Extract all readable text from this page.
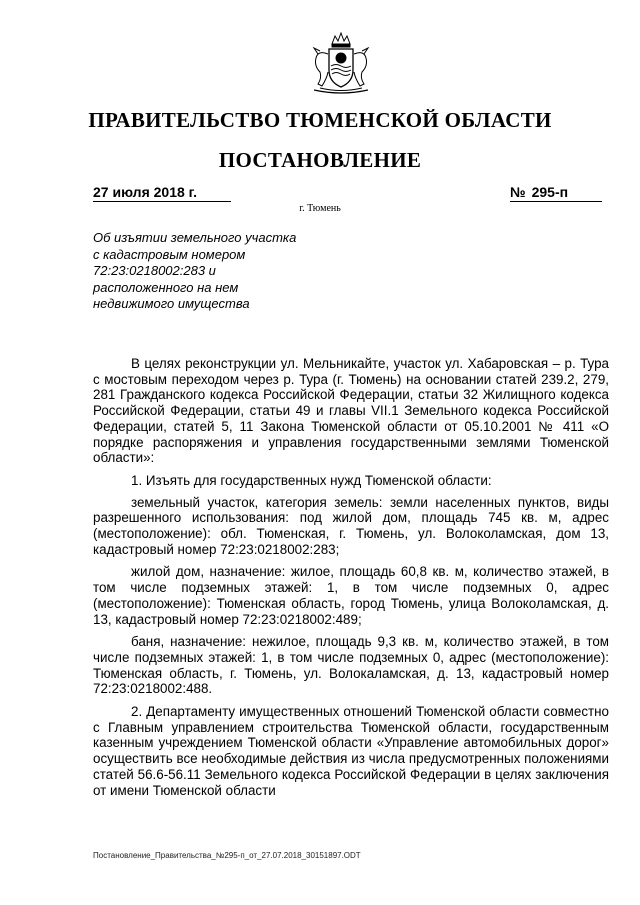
ПРАВИТЕЛЬСТВО ТЮМЕНСКОЙ ОБЛАСТИ
ПОСТАНОВЛЕНИЕ
27 июля 2018 г.	№ 295-п
г. Тюмень
Об изъятии земельного участка
с кадастровым номером
72:23:0218002:283 и
расположенного на нем
недвижимого имущества

В целях реконструкции ул. Мельникайте, участок ул. Хабаровская – р. Тура с мостовым переходом через р. Тура (г. Тюмень) на основании статей 239.2, 279, 281 Гражданского кодекса Российской Федерации, статьи 32 Жилищного кодекса Российской Федерации, статьи 49 и главы VII.1 Земельного кодекса Российской Федерации, статей 5, 11 Закона Тюменской области от 05.10.2001 № 411 «О порядке распоряжения и управления государственными землями Тюменской области»:

1. Изъять для государственных нужд Тюменской области:

земельный участок, категория земель: земли населенных пунктов, виды разрешенного использования: под жилой дом, площадь 745 кв. м, адрес (местоположение): обл. Тюменская, г. Тюмень, ул. Волоколамская, дом 13, кадастровый номер 72:23:0218002:283;

жилой дом, назначение: жилое, площадь 60,8 кв. м, количество этажей, в том числе подземных этажей: 1, в том числе подземных 0, адрес (местоположение): Тюменская область, город Тюмень, улица Волоколамская, д. 13, кадастровый номер 72:23:0218002:489;

баня, назначение: нежилое, площадь 9,3 кв. м, количество этажей, в том числе подземных этажей: 1, в том числе подземных 0, адрес (местоположение): Тюменская область, г. Тюмень, ул. Волокаламская, д. 13, кадастровый номер 72:23:0218002:488.

2. Департаменту имущественных отношений Тюменской области совместно с Главным управлением строительства Тюменской области, государственным казенным учреждением Тюменской области «Управление автомобильных дорог» осуществить все необходимые действия из числа предусмотренных положениями статей 56.6-56.11 Земельного кодекса Российской Федерации в целях заключения от имени Тюменской области

Постановление_Правительства_№295-п_от_27.07.2018_30151897.ODT
